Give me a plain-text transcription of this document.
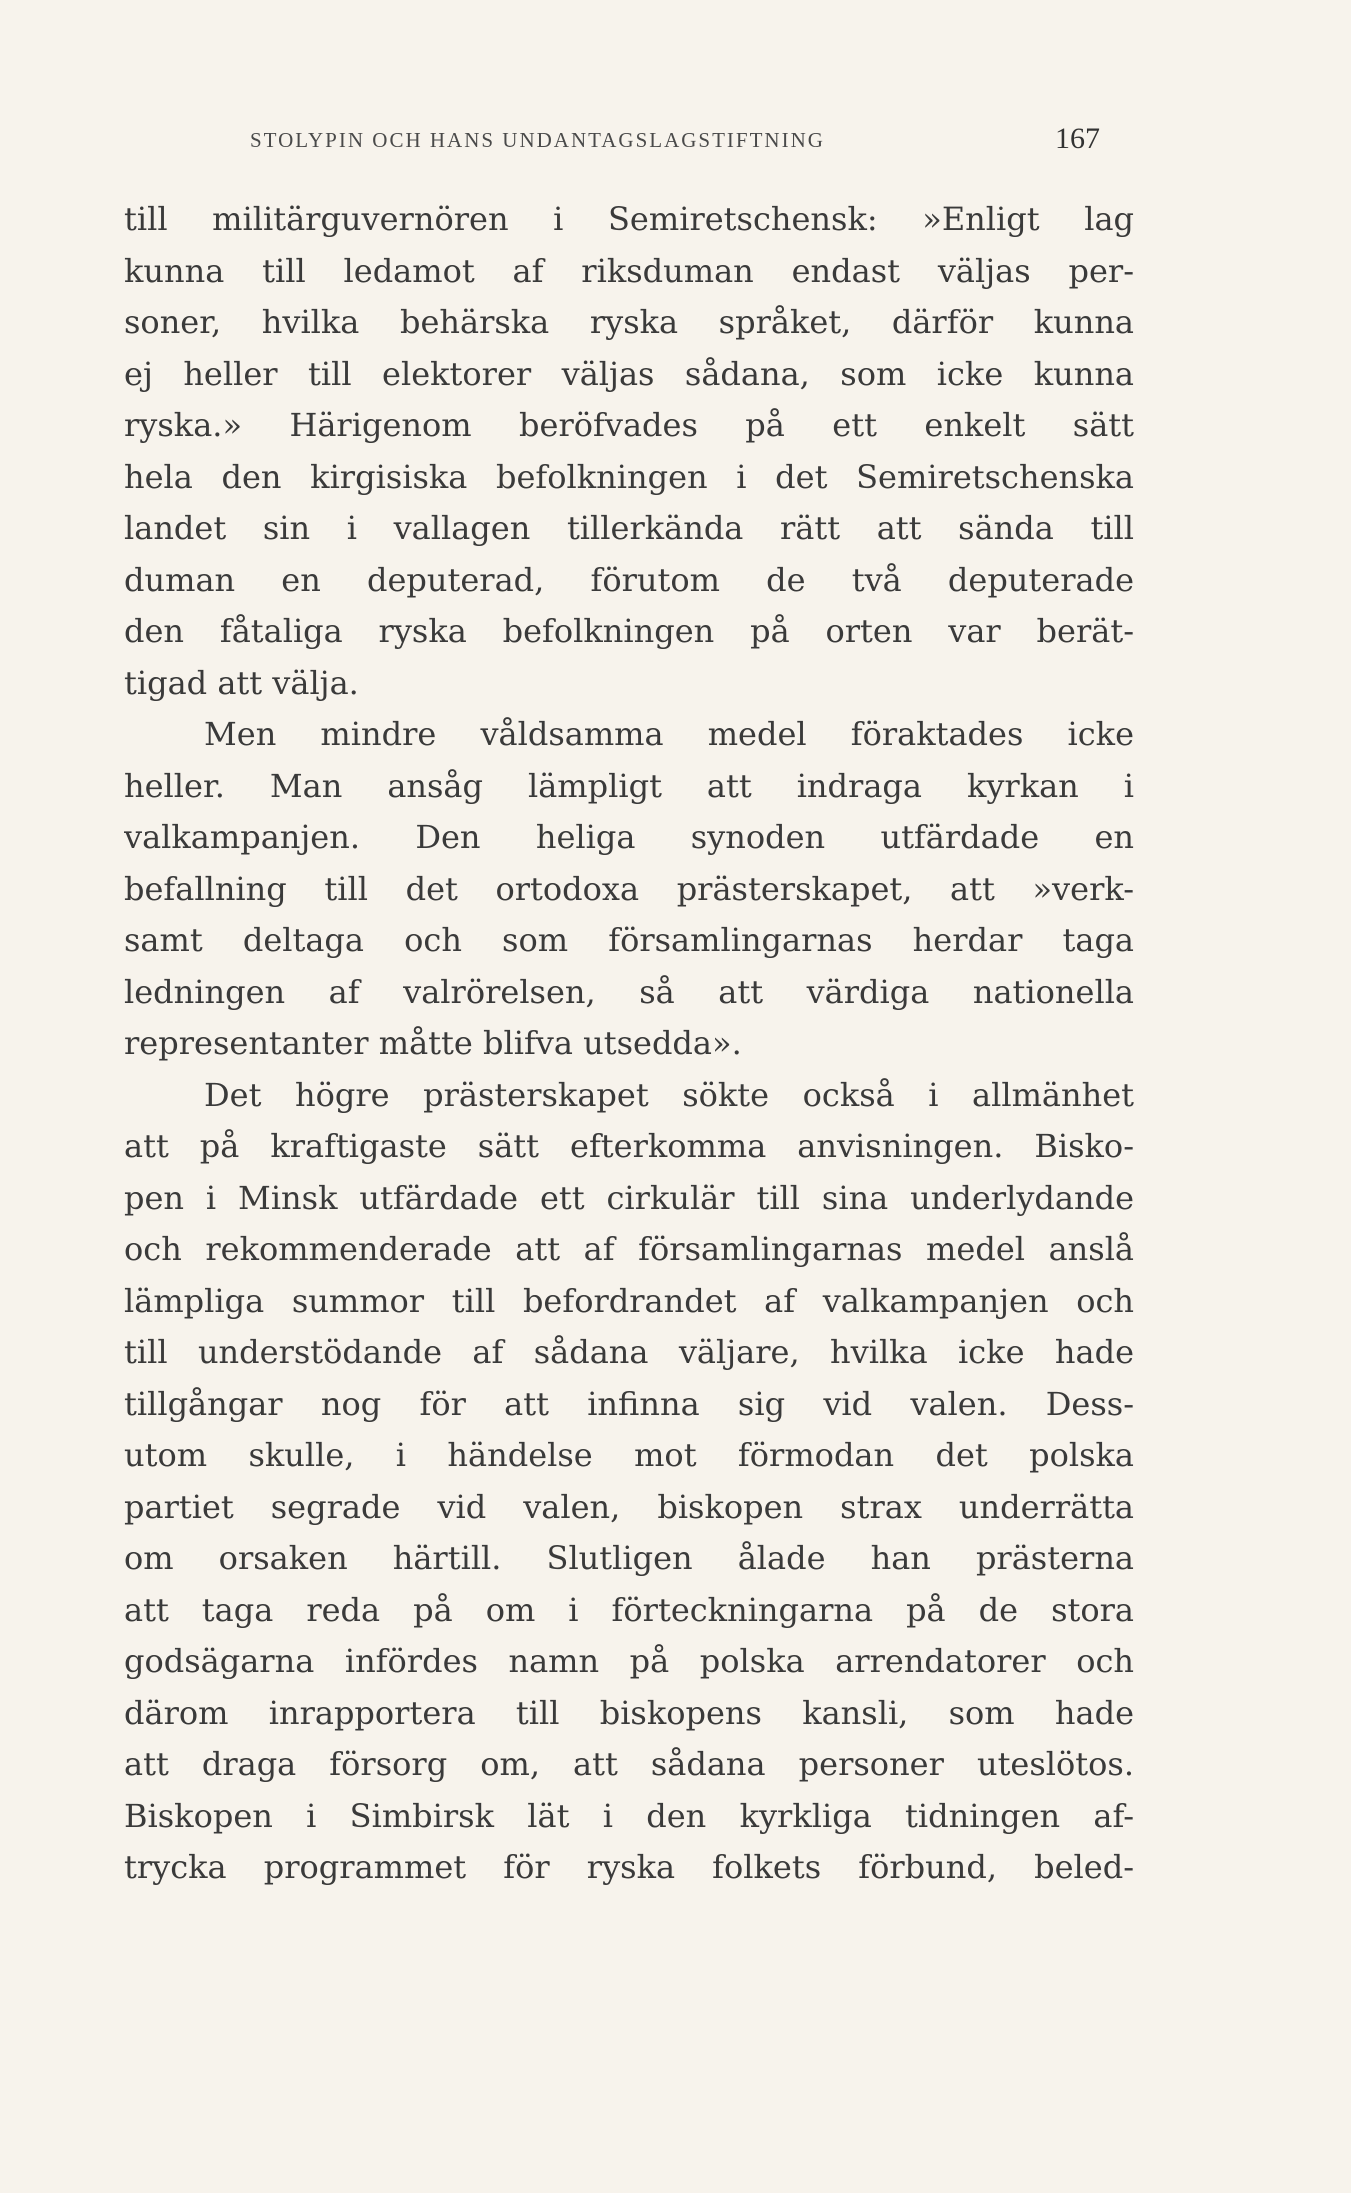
STOLYPIN OCH HANS UNDANTAGSLAGSTIFTNING	167
till militärguvernören i Semiretschensk: »Enligt lag
kunna till ledamot af riksduman endast väljas per-
soner, hvilka behärska ryska språket, därför kunna
ej heller till elektorer väljas sådana, som icke kunna
ryska.» Härigenom beröfvades på ett enkelt sätt
hela den kirgisiska befolkningen i det Semiretschenska
landet sin i vallagen tillerkända rätt att sända till
duman en deputerad, förutom de två deputerade
den fåtaliga ryska befolkningen på orten var berät-
tigad att välja.
Men mindre våldsamma medel föraktades icke
heller. Man ansåg lämpligt att indraga kyrkan i
valkampanjen. Den heliga synoden utfärdade en
befallning till det ortodoxa prästerskapet, att »verk-
samt deltaga och som församlingarnas herdar taga
ledningen af valrörelsen, så att värdiga nationella
representanter måtte blifva utsedda».
Det högre prästerskapet sökte också i allmänhet
att på kraftigaste sätt efterkomma anvisningen. Bisko-
pen i Minsk utfärdade ett cirkulär till sina underlydande
och rekommenderade att af församlingarnas medel anslå
lämpliga summor till befordrandet af valkampanjen och
till understödande af sådana väljare, hvilka icke hade
tillgångar nog för att infinna sig vid valen. Dess-
utom skulle, i händelse mot förmodan det polska
partiet segrade vid valen, biskopen strax underrätta
om orsaken härtill. Slutligen ålade han prästerna
att taga reda på om i förteckningarna på de stora
godsägarna infördes namn på polska arrendatorer och
därom inrapportera till biskopens kansli, som hade
att draga försorg om, att sådana personer uteslötos.
Biskopen i Simbirsk lät i den kyrkliga tidningen af-
trycka programmet för ryska folkets förbund, beled-
